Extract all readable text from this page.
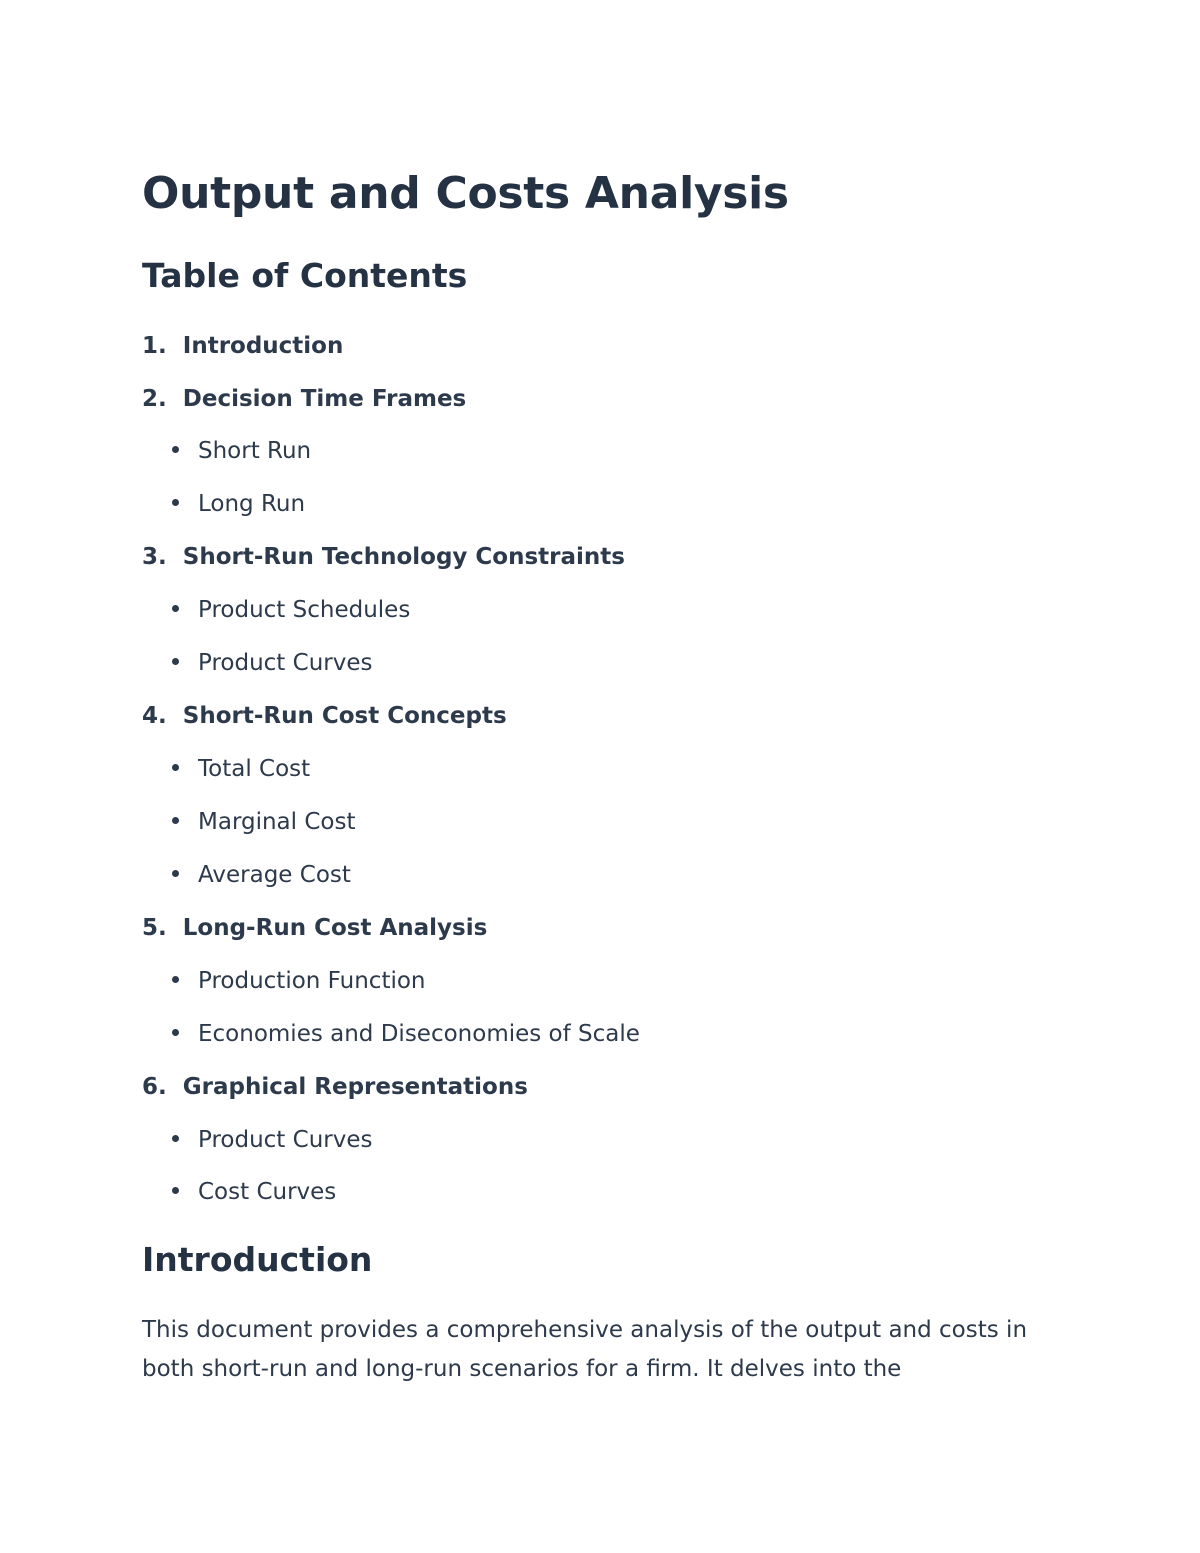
Output and Costs Analysis
Table of Contents
1.  Introduction
2.  Decision Time Frames
Short Run
Long Run
3.  Short-Run Technology Constraints
Product Schedules
Product Curves
4.  Short-Run Cost Concepts
Total Cost
Marginal Cost
Average Cost
5.  Long-Run Cost Analysis
Production Function
Economies and Diseconomies of Scale
6.  Graphical Representations
Product Curves
Cost Curves
Introduction

This document provides a comprehensive analysis of the output and costs in both short-run and long-run scenarios for a firm. It delves into the
